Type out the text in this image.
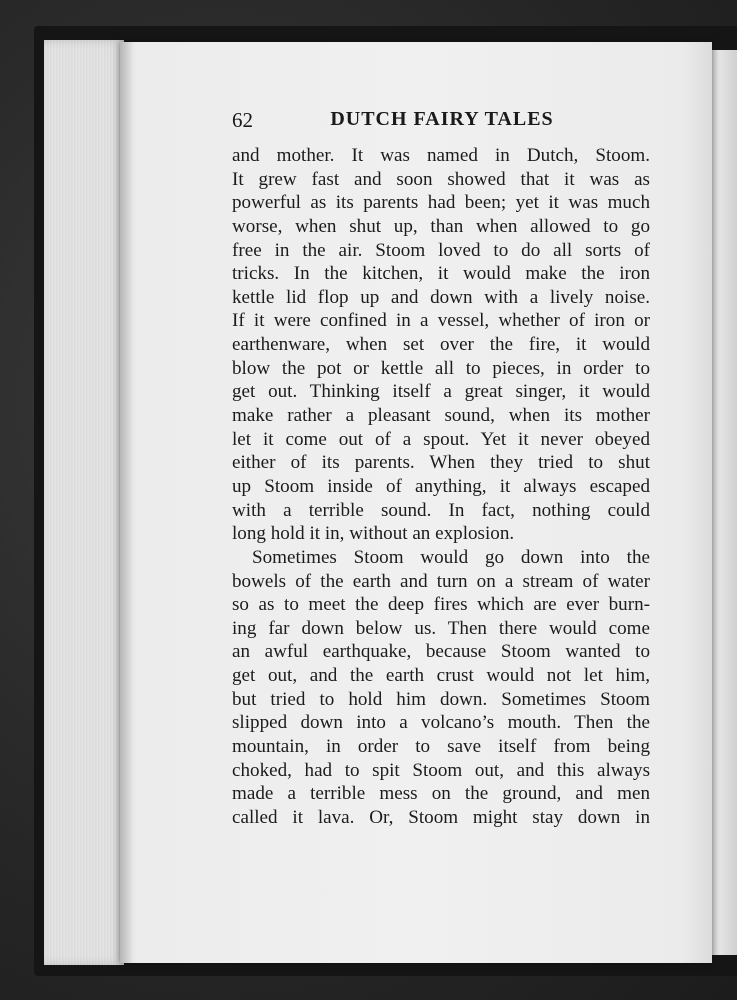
62	DUTCH FAIRY TALES
and mother. It was named in Dutch, Stoom.
It grew fast and soon showed that it was as
powerful as its parents had been; yet it was much
worse, when shut up, than when allowed to go
free in the air. Stoom loved to do all sorts of
tricks. In the kitchen, it would make the iron
kettle lid flop up and down with a lively noise.
If it were confined in a vessel, whether of iron or
earthenware, when set over the fire, it would
blow the pot or kettle all to pieces, in order to
get out. Thinking itself a great singer, it would
make rather a pleasant sound, when its mother
let it come out of a spout. Yet it never obeyed
either of its parents. When they tried to shut
up Stoom inside of anything, it always escaped
with a terrible sound. In fact, nothing could
long hold it in, without an explosion.
Sometimes Stoom would go down into the
bowels of the earth and turn on a stream of water
so as to meet the deep fires which are ever burn-
ing far down below us. Then there would come
an awful earthquake, because Stoom wanted to
get out, and the earth crust would not let him,
but tried to hold him down. Sometimes Stoom
slipped down into a volcano’s mouth. Then the
mountain, in order to save itself from being
choked, had to spit Stoom out, and this always
made a terrible mess on the ground, and men
called it lava. Or, Stoom might stay down in
